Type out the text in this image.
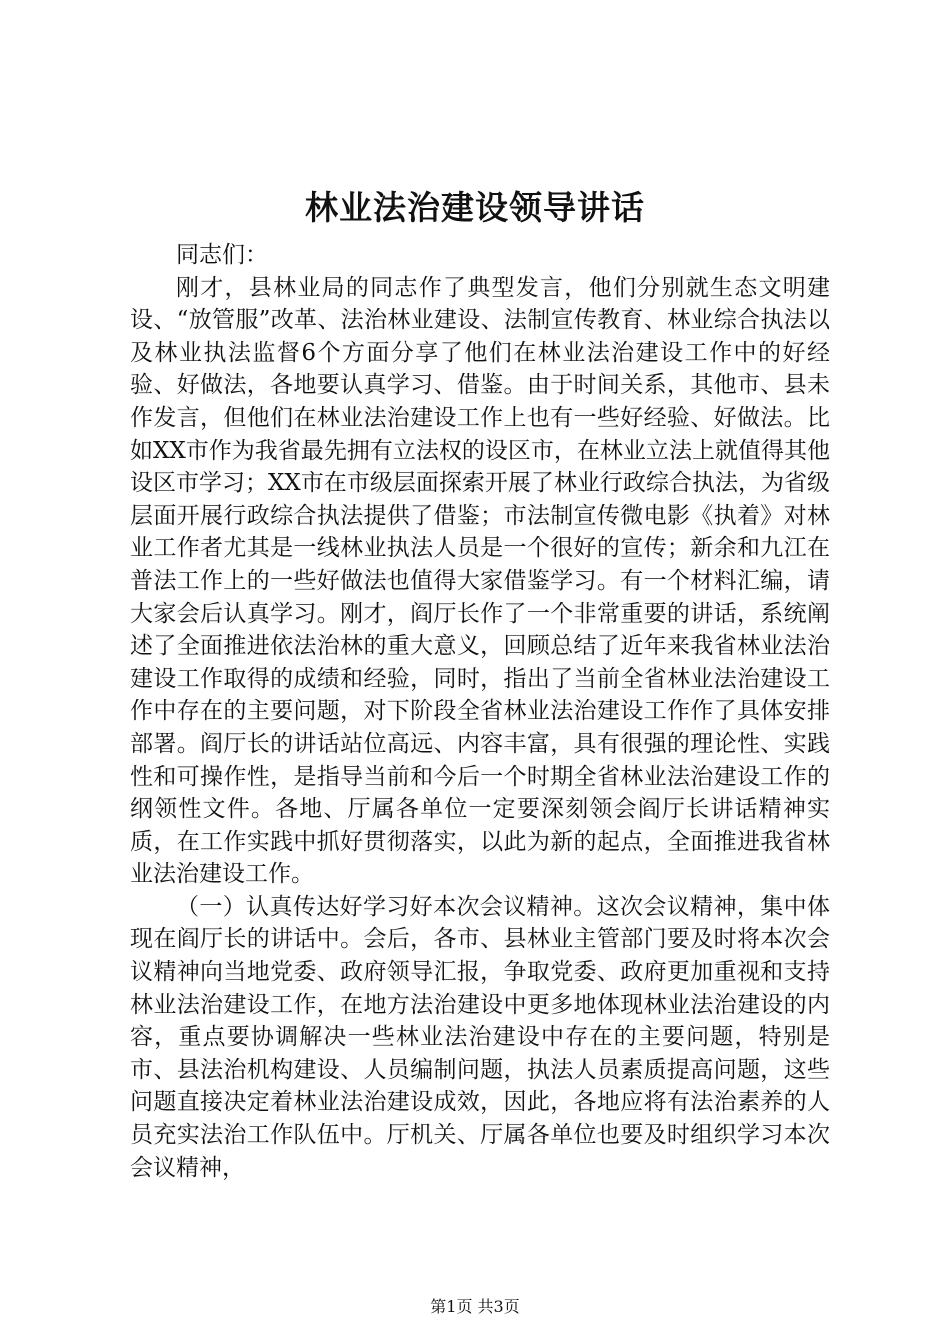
林业法治建设领导讲话

同志们：

刚才，县林业局的同志作了典型发言，他们分别就生态文明建设、“放管服”改革、法治林业建设、法制宣传教育、林业综合执法以及林业执法监督6个方面分享了他们在林业法治建设工作中的好经验、好做法，各地要认真学习、借鉴。由于时间关系，其他市、县未作发言，但他们在林业法治建设工作上也有一些好经验、好做法。比如XX市作为我省最先拥有立法权的设区市，在林业立法上就值得其他设区市学习；XX市在市级层面探索开展了林业行政综合执法，为省级层面开展行政综合执法提供了借鉴；市法制宣传微电影《执着》对林业工作者尤其是一线林业执法人员是一个很好的宣传；新余和九江在普法工作上的一些好做法也值得大家借鉴学习。有一个材料汇编，请大家会后认真学习。刚才，阎厅长作了一个非常重要的讲话，系统阐述了全面推进依法治林的重大意义，回顾总结了近年来我省林业法治建设工作取得的成绩和经验，同时，指出了当前全省林业法治建设工作中存在的主要问题，对下阶段全省林业法治建设工作作了具体安排部署。阎厅长的讲话站位高远、内容丰富，具有很强的理论性、实践性和可操作性，是指导当前和今后一个时期全省林业法治建设工作的纲领性文件。各地、厅属各单位一定要深刻领会阎厅长讲话精神实质，在工作实践中抓好贯彻落实，以此为新的起点，全面推进我省林业法治建设工作。

（一）认真传达好学习好本次会议精神。这次会议精神，集中体现在阎厅长的讲话中。会后，各市、县林业主管部门要及时将本次会议精神向当地党委、政府领导汇报，争取党委、政府更加重视和支持林业法治建设工作，在地方法治建设中更多地体现林业法治建设的内容，重点要协调解决一些林业法治建设中存在的主要问题，特别是市、县法治机构建设、人员编制问题，执法人员素质提高问题，这些问题直接决定着林业法治建设成效，因此，各地应将有法治素养的人员充实法治工作队伍中。厅机关、厅属各单位也要及时组织学习本次会议精神，

第1页 共3页
